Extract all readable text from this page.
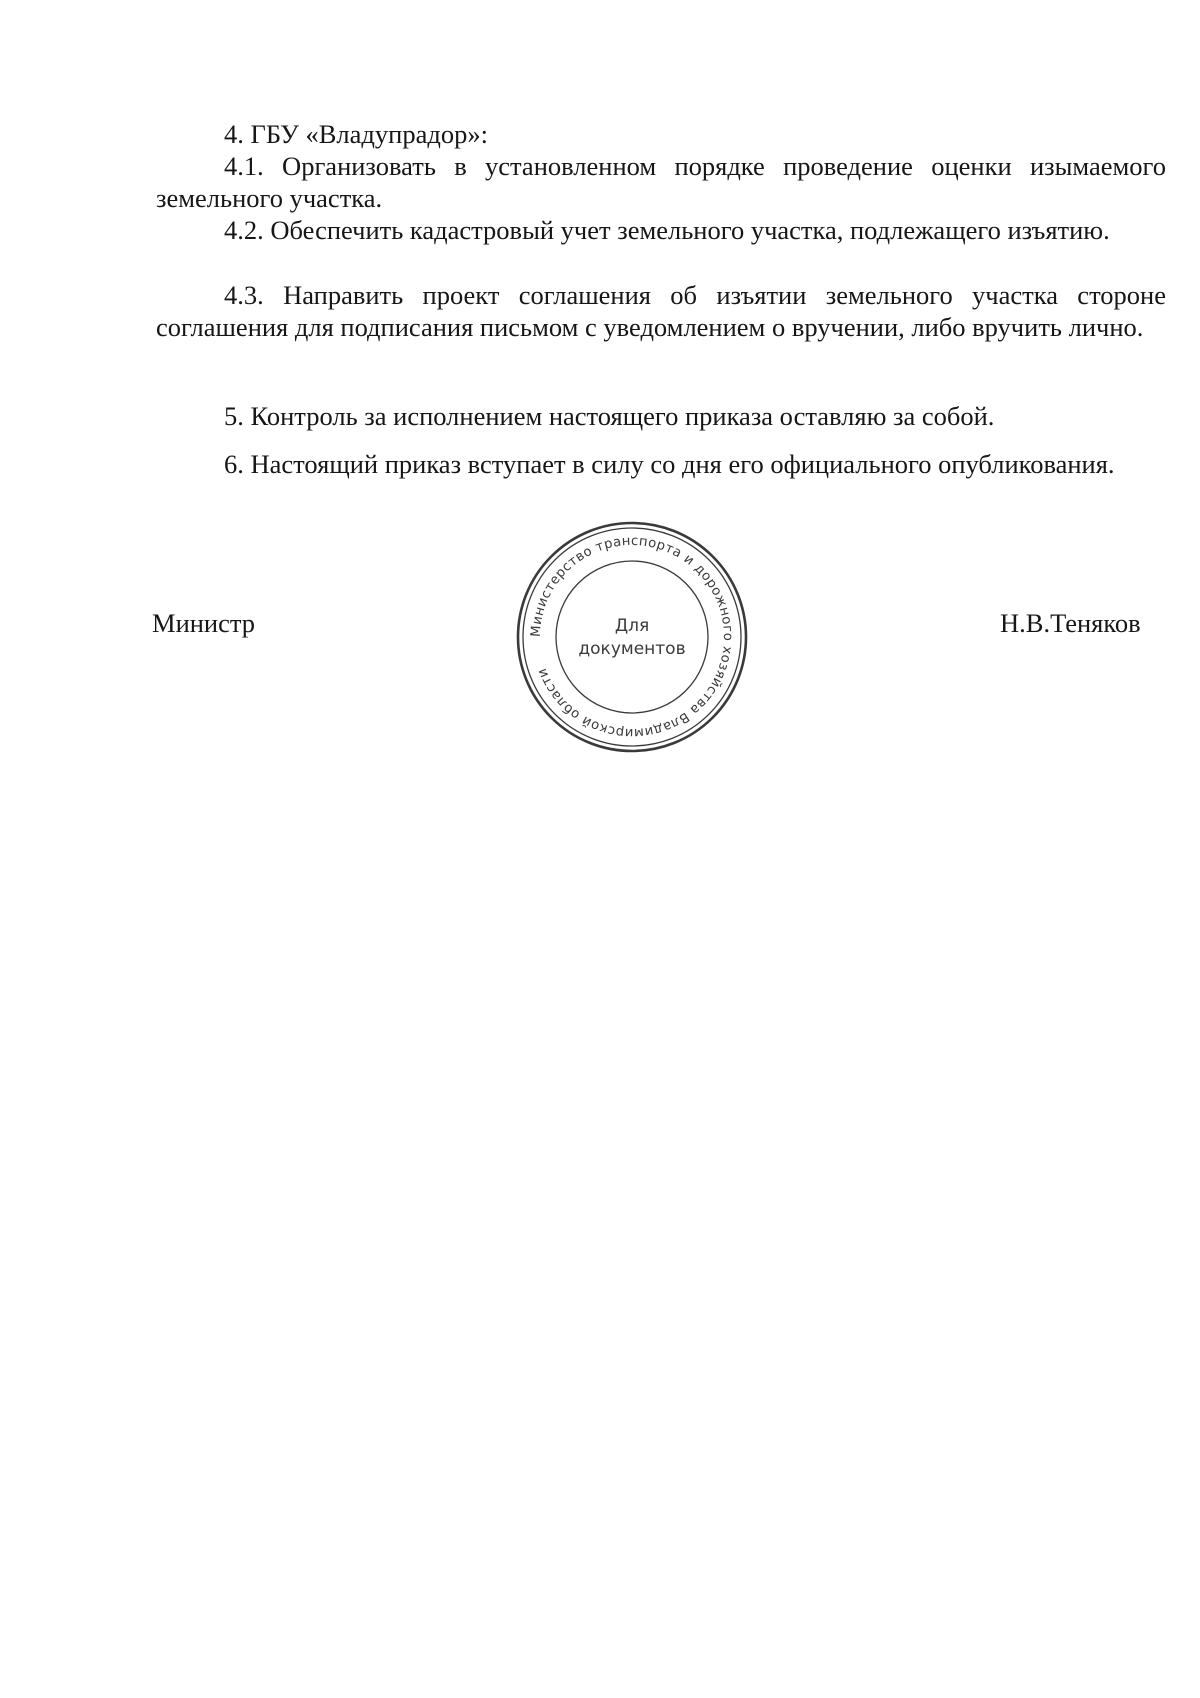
4. ГБУ «Владупрадор»:

4.1. Организовать в установленном порядке проведение оценки изымаемого земельного участка.

4.2. Обеспечить кадастровый учет земельного участка, подлежащего изъятию.

4.3. Направить проект соглашения об изъятии земельного участка стороне соглашения для подписания письмом с уведомлением о вручении, либо вручить лично.

5. Контроль за исполнением настоящего приказа оставляю за собой.

6. Настоящий приказ вступает в силу со дня его официального опубликования.

Министр	Н.В.Теняков
Министерство транспорта и дорожного хозяйства Владимирской области
Для
документов
